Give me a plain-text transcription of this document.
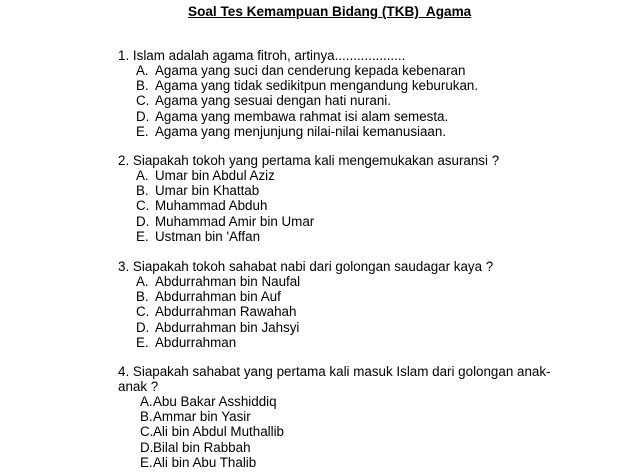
Soal Tes Kemampuan Bidang (TKB)  Agama
1. Islam adalah agama fitroh, artinya...................
A. Agama yang suci dan cenderung kepada kebenaran
B. Agama yang tidak sedikitpun mengandung keburukan.
C. Agama yang sesuai dengan hati nurani.
D. Agama yang membawa rahmat isi alam semesta.
E. Agama yang menjunjung nilai-nilai kemanusiaan.
2. Siapakah tokoh yang pertama kali mengemukakan asuransi ?
A. Umar bin Abdul Aziz
B. Umar bin Khattab
C. Muhammad Abduh
D. Muhammad Amir bin Umar
E. Ustman bin 'Affan
3. Siapakah tokoh sahabat nabi dari golongan saudagar kaya ?
A. Abdurrahman bin Naufal
B. Abdurrahman bin Auf
C. Abdurrahman Rawahah
D. Abdurrahman bin Jahsyi
E. Abdurrahman
4. Siapakah sahabat yang pertama kali masuk Islam dari golongan anak-
anak ?
A.Abu Bakar Asshiddiq
B.Ammar bin Yasir
C.Ali bin Abdul Muthallib
D.Bilal bin Rabbah
E.Ali bin Abu Thalib
